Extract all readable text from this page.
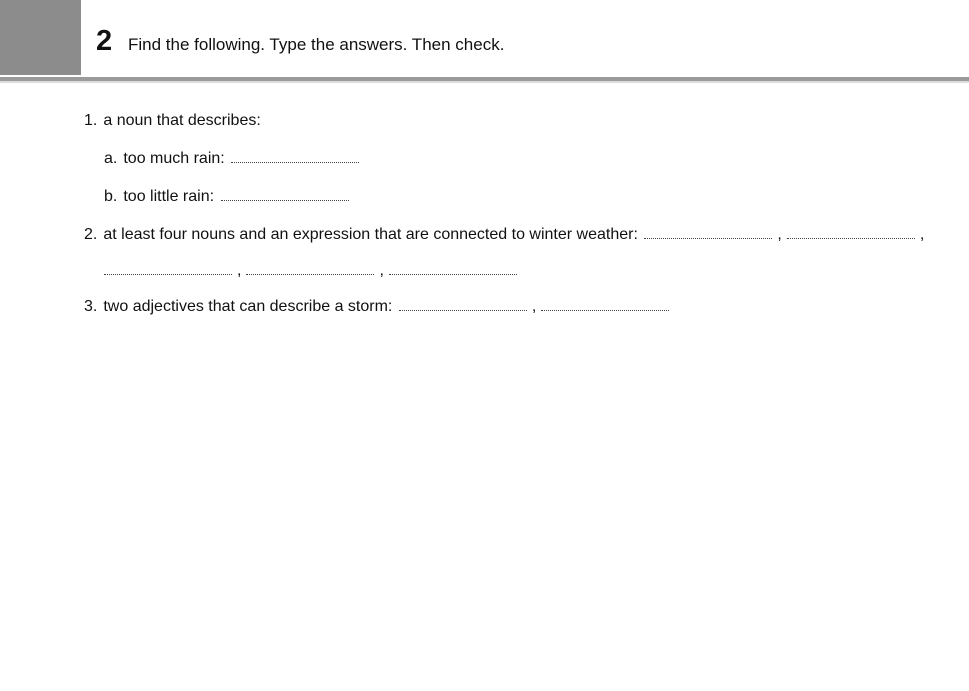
2 Find the following. Type the answers. Then check.
1. a noun that describes:
a. too much rain:
b. too little rain:
2. at least four nouns and an expression that are connected to winter weather:	,	,
,	,
3. two adjectives that can describe a storm:	,
